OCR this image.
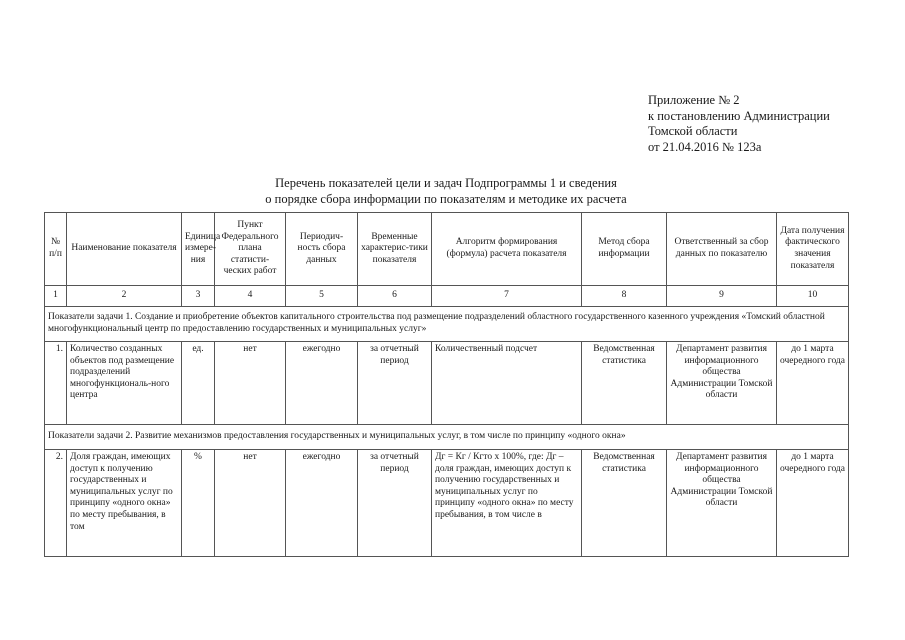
Приложение № 2
к постановлению Администрации
Томской области
от 21.04.2016 № 123а
Перечень показателей цели и задач Подпрограммы 1 и сведения
о порядке сбора информации по показателям и методике их расчета
№ п/п	Наименование показателя	Единица измере-ния	Пункт Федерального плана статисти-ческих работ	Периодич-ность сбора данных	Временные характерис-тики показателя	Алгоритм формирования (формула) расчета показателя	Метод сбора информации	Ответственный за сбор данных по показателю	Дата получения фактического значения показателя
1	2	3	4	5	6	7	8	9	10
Показатели задачи 1. Создание и приобретение объектов капитального строительства под размещение подразделений областного государственного казенного учреждения «Томский областной многофункциональный центр по предоставлению государственных и муниципальных услуг»									
1.	Количество созданных объектов под размещение подразделений многофункциональ-ного центра	ед.	нет	ежегодно	за отчетный период	Количественный подсчет	Ведомственная статистика	Департамент развития информационного общества Администрации Томской области	до 1 марта очередного года
Показатели задачи 2. Развитие механизмов предоставления государственных и муниципальных услуг, в том числе по принципу «одного окна»									
2.	Доля граждан, имеющих доступ к получению государственных и муниципальных услуг по принципу «одного окна» по месту пребывания, в том	%	нет	ежегодно	за отчетный период	Дг = Кг / Кгто х 100%, где: Дг – доля граждан, имеющих доступ к получению государственных и муниципальных услуг по принципу «одного окна» по месту пребывания, в том числе в	Ведомственная статистика	Департамент развития информационного общества Администрации Томской области	до 1 марта очередного года
